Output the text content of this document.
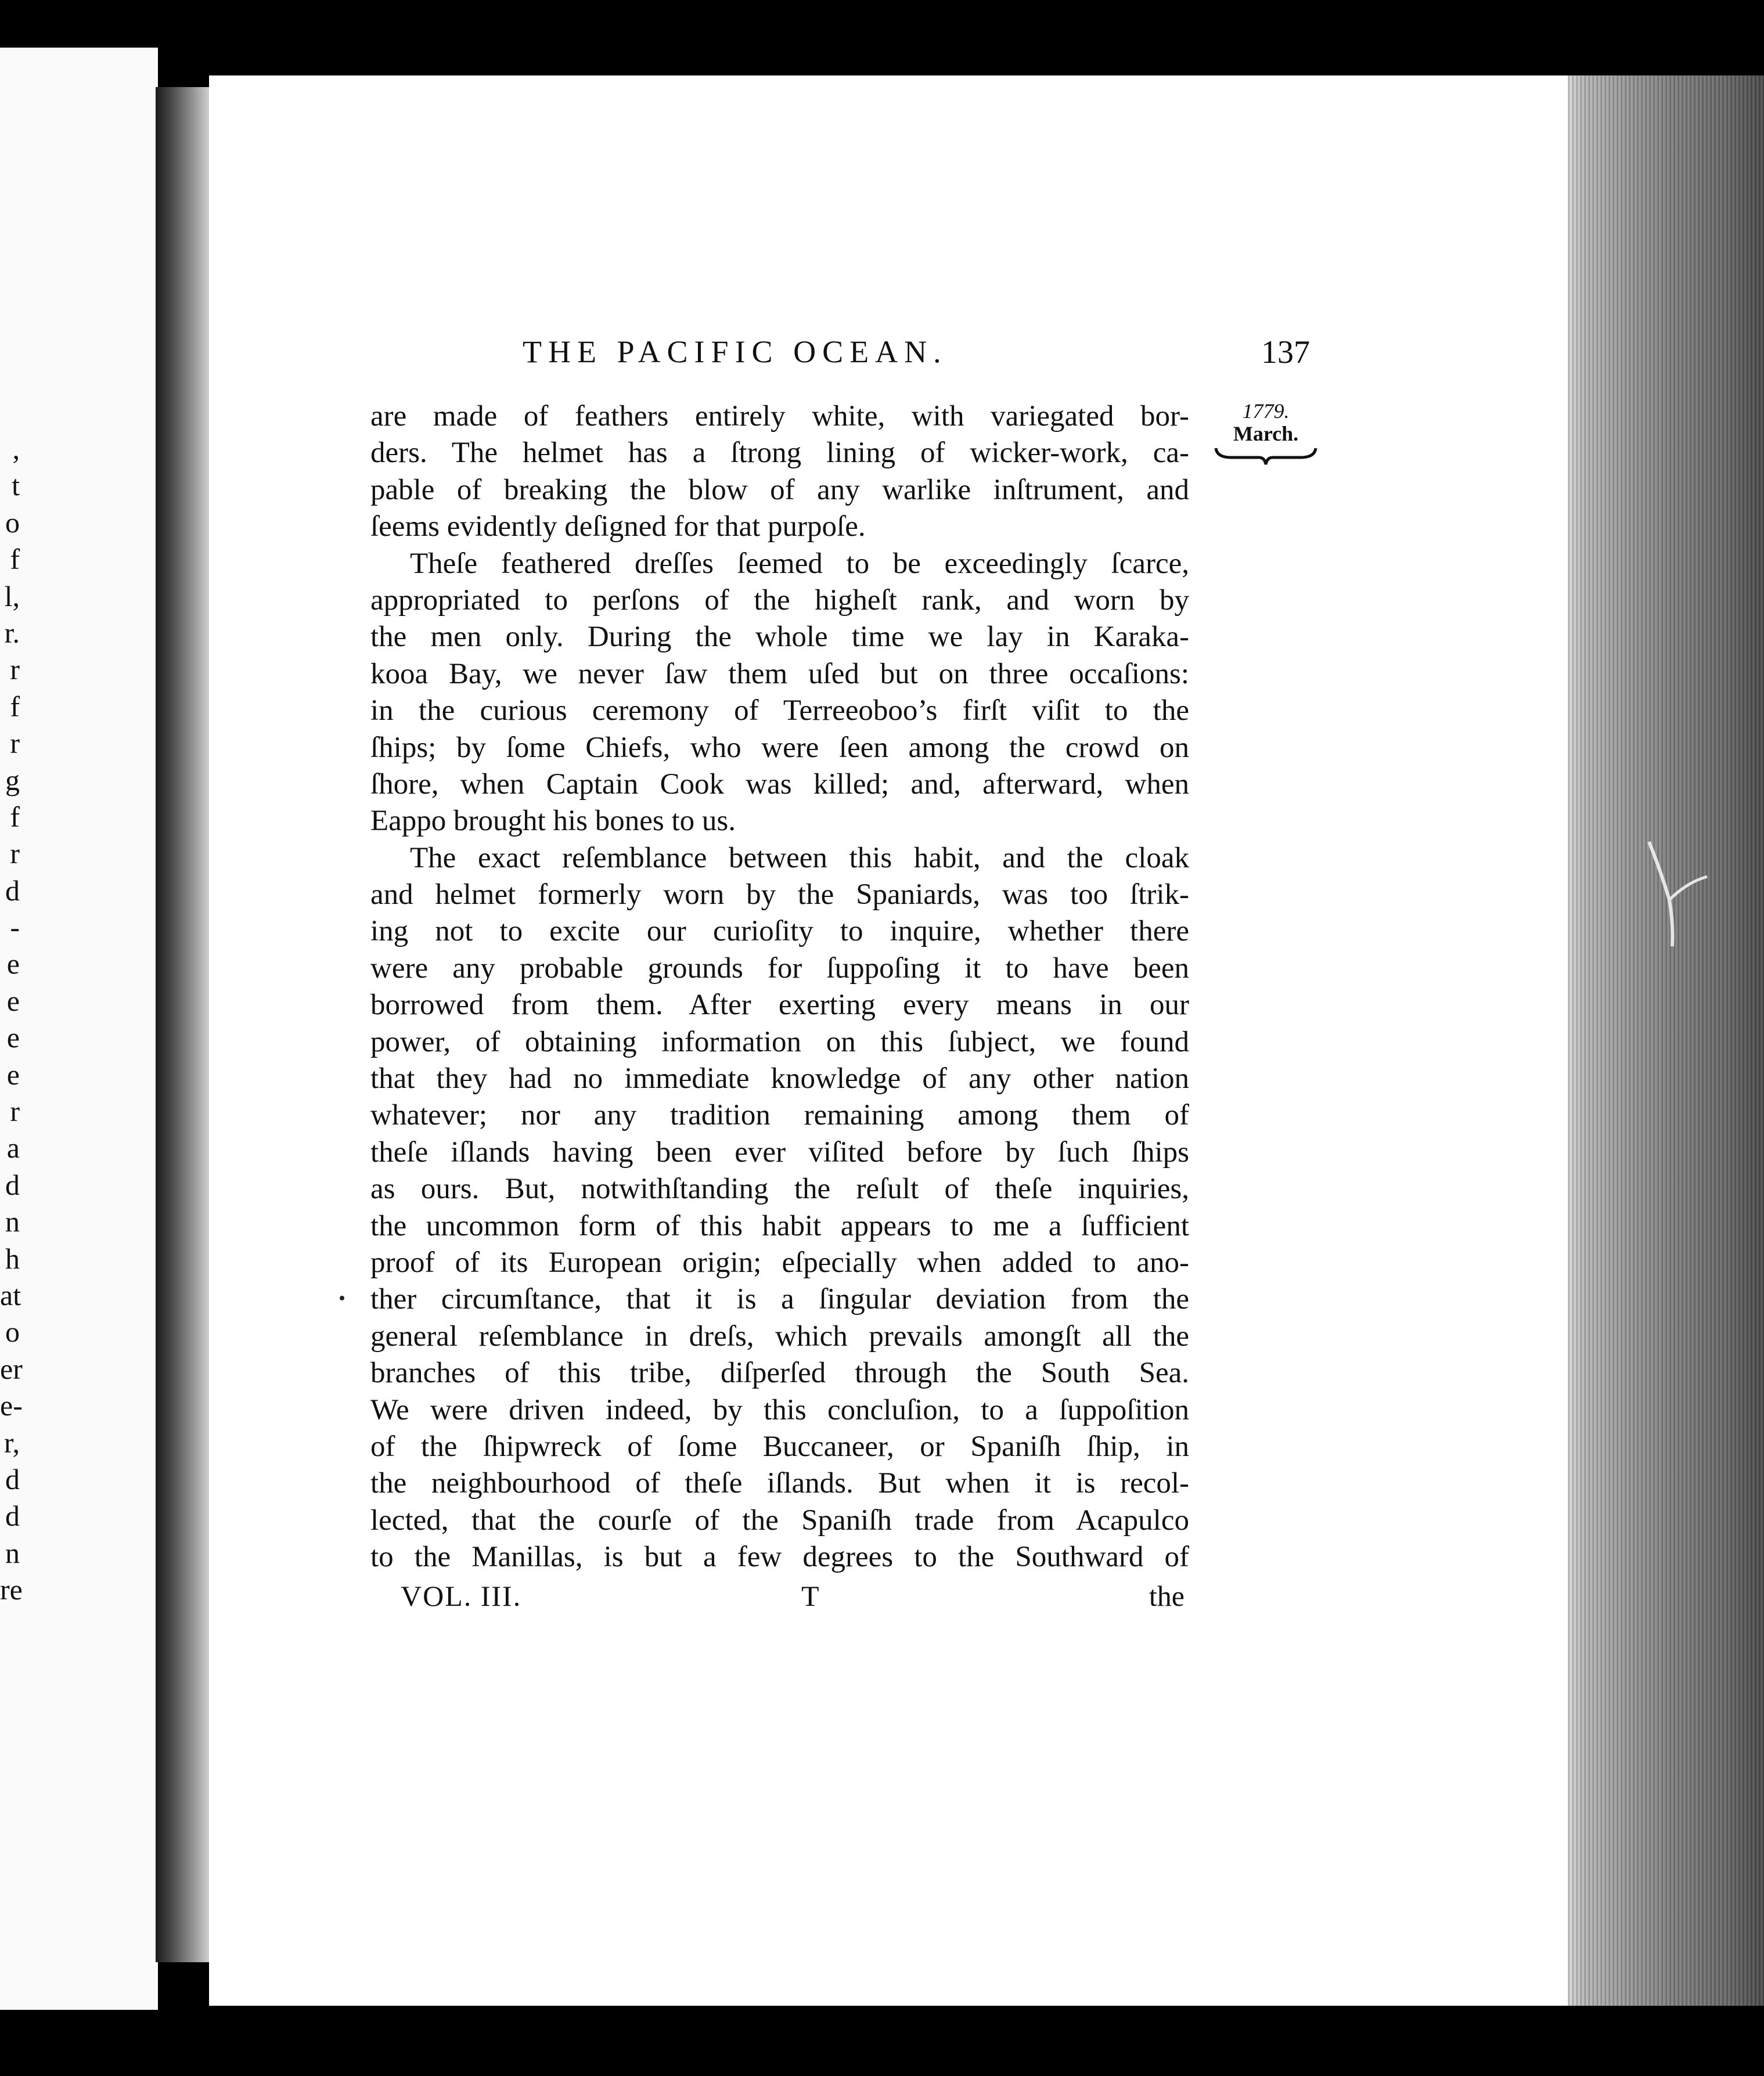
,
t
o
f
l,
r.
r
f
r
g
f
r
d
-
e
e
e
e
r
a
d
n
h
at
o
er
e-
r,
d
d
n
re
THE PACIFIC OCEAN.	137
1779.
March.
are made of feathers entirely white, with variegated bor-
ders. The helmet has a ſtrong lining of wicker-work, ca-
pable of breaking the blow of any warlike inſtrument, and
ſeems evidently deſigned for that purpoſe.
Theſe feathered dreſſes ſeemed to be exceedingly ſcarce,
appropriated to perſons of the higheſt rank, and worn by
the men only. During the whole time we lay in Karaka-
kooa Bay, we never ſaw them uſed but on three occaſions:
in the curious ceremony of Terreeoboo’s firſt viſit to the
ſhips; by ſome Chiefs, who were ſeen among the crowd on
ſhore, when Captain Cook was killed; and, afterward, when
Eappo brought his bones to us.
The exact reſemblance between this habit, and the cloak
and helmet formerly worn by the Spaniards, was too ſtrik-
ing not to excite our curioſity to inquire, whether there
were any probable grounds for ſuppoſing it to have been
borrowed from them. After exerting every means in our
power, of obtaining information on this ſubject, we found
that they had no immediate knowledge of any other nation
whatever; nor any tradition remaining among them of
theſe iſlands having been ever viſited before by ſuch ſhips
as ours. But, notwithſtanding the reſult of theſe inquiries,
the uncommon form of this habit appears to me a ſufficient
proof of its European origin; eſpecially when added to ano-
ther circumſtance, that it is a ſingular deviation from the
general reſemblance in dreſs, which prevails amongſt all the
branches of this tribe, diſperſed through the South Sea.
We were driven indeed, by this concluſion, to a ſuppoſition
of the ſhipwreck of ſome Buccaneer, or Spaniſh ſhip, in
the neighbourhood of theſe iſlands. But when it is recol-
lected, that the courſe of the Spaniſh trade from Acapulco
to the Manillas, is but a few degrees to the Southward of
VOL. III.	T	the
